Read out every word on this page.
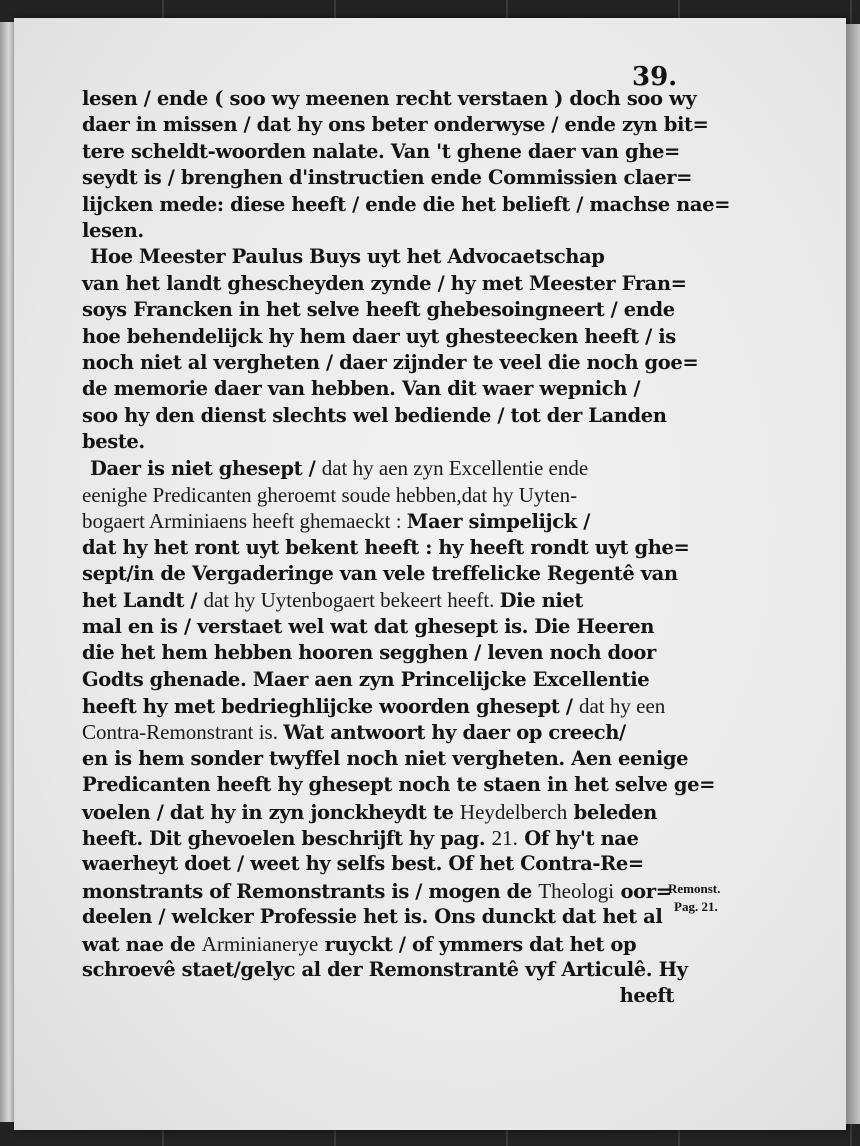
39.
lesen / ende ( soo wy meenen recht verstaen ) doch soo wy
daer in missen / dat hy ons beter onderwyse / ende zyn bit=
tere scheldt-woorden nalate. Van 't ghene daer van ghe=
seydt is / brenghen d'instructien ende Commissien claer=
lijcken mede: diese heeft / ende die het belieft / machse nae=
lesen.
Hoe Meester Paulus Buys uyt het Advocaetschap
van het landt ghescheyden zynde / hy met Meester Fran=
soys Francken in het selve heeft ghebesoingneert / ende
hoe behendelijck hy hem daer uyt ghesteecken heeft / is
noch niet al vergheten / daer zijnder te veel die noch goe=
de memorie daer van hebben. Van dit waer wepnich /
soo hy den dienst slechts wel bediende / tot der Landen
beste.
Daer is niet ghesept / dat hy aen zyn Excellentie ende
eenighe Predicanten gheroemt soude hebben,dat hy Uyten-
bogaert Arminiaens heeft ghemaeckt : Maer simpelijck /
dat hy het ront uyt bekent heeft : hy heeft rondt uyt ghe=
sept/in de Vergaderinge van vele treffelicke Regentê van
het Landt / dat hy Uytenbogaert bekeert heeft. Die niet
mal en is / verstaet wel wat dat ghesept is. Die Heeren
die het hem hebben hooren segghen / leven noch door
Godts ghenade. Maer aen zyn Princelijcke Excellentie
heeft hy met bedrieghlijcke woorden ghesept / dat hy een
Contra-Remonstrant is. Wat antwoort hy daer op creech/
en is hem sonder twyffel noch niet vergheten. Aen eenige
Predicanten heeft hy ghesept noch te staen in het selve ge=
voelen / dat hy in zyn jonckheydt te Heydelberch beleden
heeft. Dit ghevoelen beschrijft hy pag. 21. Of hy't nae
waerheyt doet / weet hy selfs best. Of het Contra-Re=
monstrants of Remonstrants is / mogen de Theologi oor=
deelen / welcker Professie het is. Ons dunckt dat het al
wat nae de Arminianerye ruyckt / of ymmers dat het op
schroevê staet/gelyc al der Remonstrantê vyf Articulê. Hy
heeft
Remonst.
Pag. 21.
